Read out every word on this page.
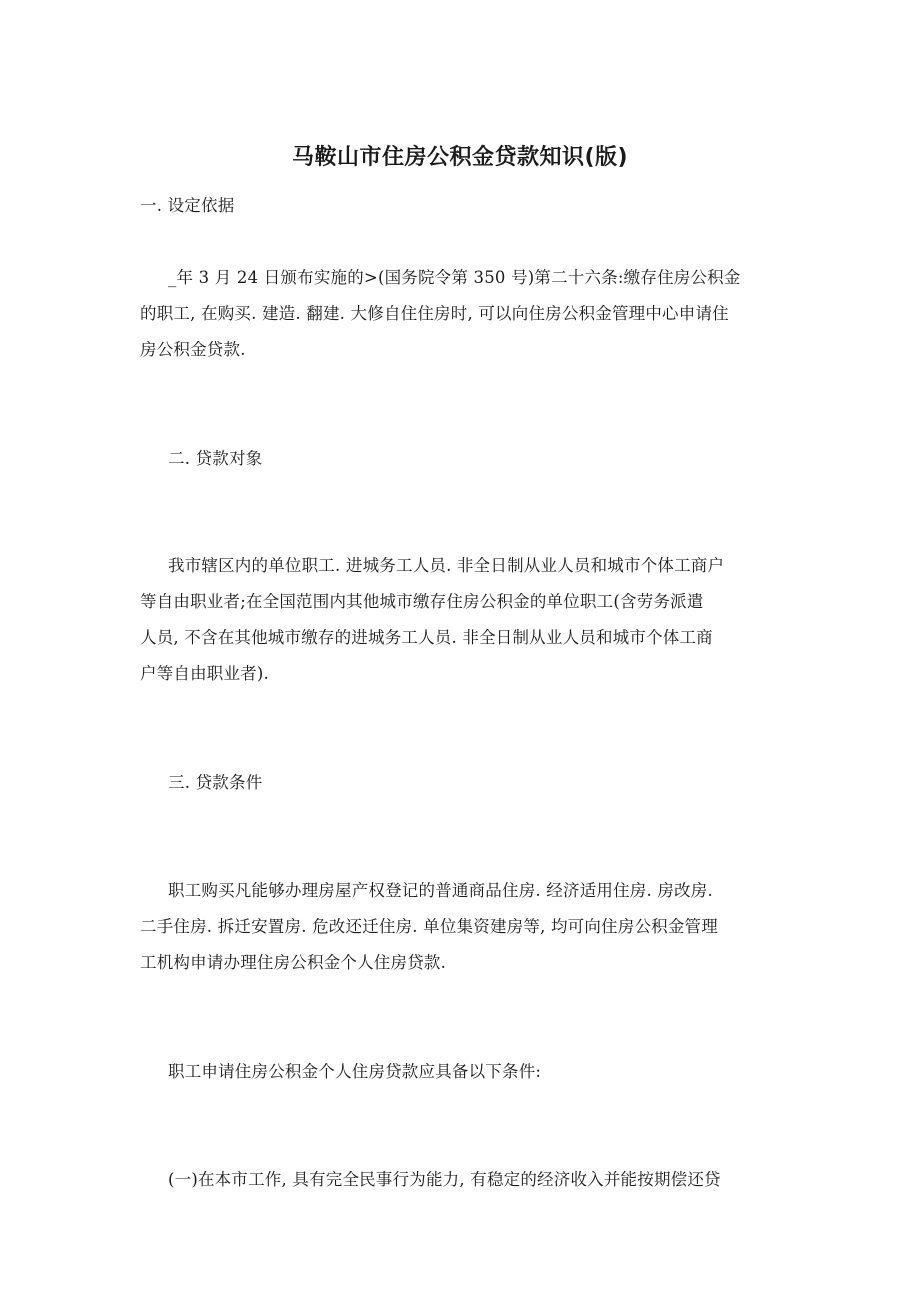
马鞍山市住房公积金贷款知识(版)
一. 设定依据
_年 3 月 24 日颁布实施的>(国务院令第 350 号)第二十六条:缴存住房公积金
的职工, 在购买. 建造. 翻建. 大修自住住房时, 可以向住房公积金管理中心申请住
房公积金贷款.
二. 贷款对象
我市辖区内的单位职工. 进城务工人员. 非全日制从业人员和城市个体工商户
等自由职业者;在全国范围内其他城市缴存住房公积金的单位职工(含劳务派遣
人员, 不含在其他城市缴存的进城务工人员. 非全日制从业人员和城市个体工商
户等自由职业者).
三. 贷款条件
职工购买凡能够办理房屋产权登记的普通商品住房. 经济适用住房. 房改房.
二手住房. 拆迁安置房. 危改还迁住房. 单位集资建房等, 均可向住房公积金管理
工机构申请办理住房公积金个人住房贷款.
职工申请住房公积金个人住房贷款应具备以下条件:
(一)在本市工作, 具有完全民事行为能力, 有稳定的经济收入并能按期偿还贷
